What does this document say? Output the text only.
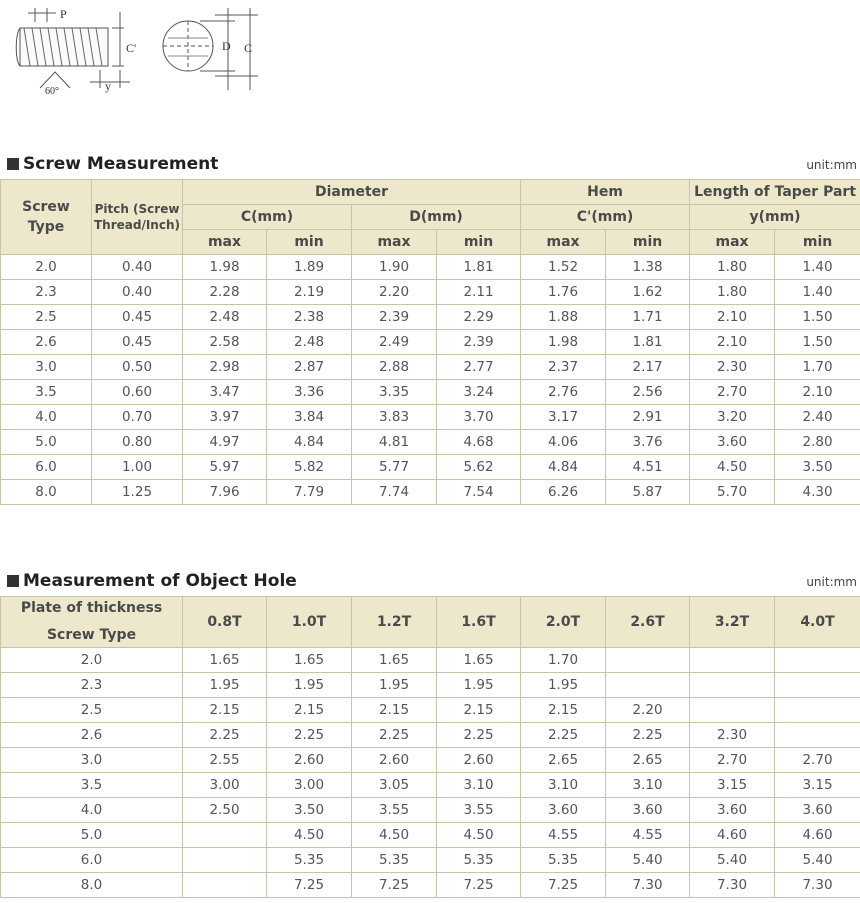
P
C'
60°	y
D C
Screw Measurement	unit:mm
Screw Type	Pitch (Screw Thread/Inch)	Diameter				Hem		Length of Taper Part	
		C(mm)		D(mm)		C'(mm)		y(mm)	
		max	min	max	min	max	min	max	min
2.0	0.40	1.98	1.89	1.90	1.81	1.52	1.38	1.80	1.40
2.3	0.40	2.28	2.19	2.20	2.11	1.76	1.62	1.80	1.40
2.5	0.45	2.48	2.38	2.39	2.29	1.88	1.71	2.10	1.50
2.6	0.45	2.58	2.48	2.49	2.39	1.98	1.81	2.10	1.50
3.0	0.50	2.98	2.87	2.88	2.77	2.37	2.17	2.30	1.70
3.5	0.60	3.47	3.36	3.35	3.24	2.76	2.56	2.70	2.10
4.0	0.70	3.97	3.84	3.83	3.70	3.17	2.91	3.20	2.40
5.0	0.80	4.97	4.84	4.81	4.68	4.06	3.76	3.60	2.80
6.0	1.00	5.97	5.82	5.77	5.62	4.84	4.51	4.50	3.50
8.0	1.25	7.96	7.79	7.74	7.54	6.26	5.87	5.70	4.30
Measurement of Object Hole	unit:mm
Plate of thickness
Screw Type	0.8T	1.0T	1.2T	1.6T	2.0T	2.6T	3.2T	4.0T
2.0	1.65	1.65	1.65	1.65	1.70			
2.3	1.95	1.95	1.95	1.95	1.95			
2.5	2.15	2.15	2.15	2.15	2.15	2.20		
2.6	2.25	2.25	2.25	2.25	2.25	2.25	2.30	
3.0	2.55	2.60	2.60	2.60	2.65	2.65	2.70	2.70
3.5	3.00	3.00	3.05	3.10	3.10	3.10	3.15	3.15
4.0	2.50	3.50	3.55	3.55	3.60	3.60	3.60	3.60
5.0		4.50	4.50	4.50	4.55	4.55	4.60	4.60
6.0		5.35	5.35	5.35	5.35	5.40	5.40	5.40
8.0		7.25	7.25	7.25	7.25	7.30	7.30	7.30
